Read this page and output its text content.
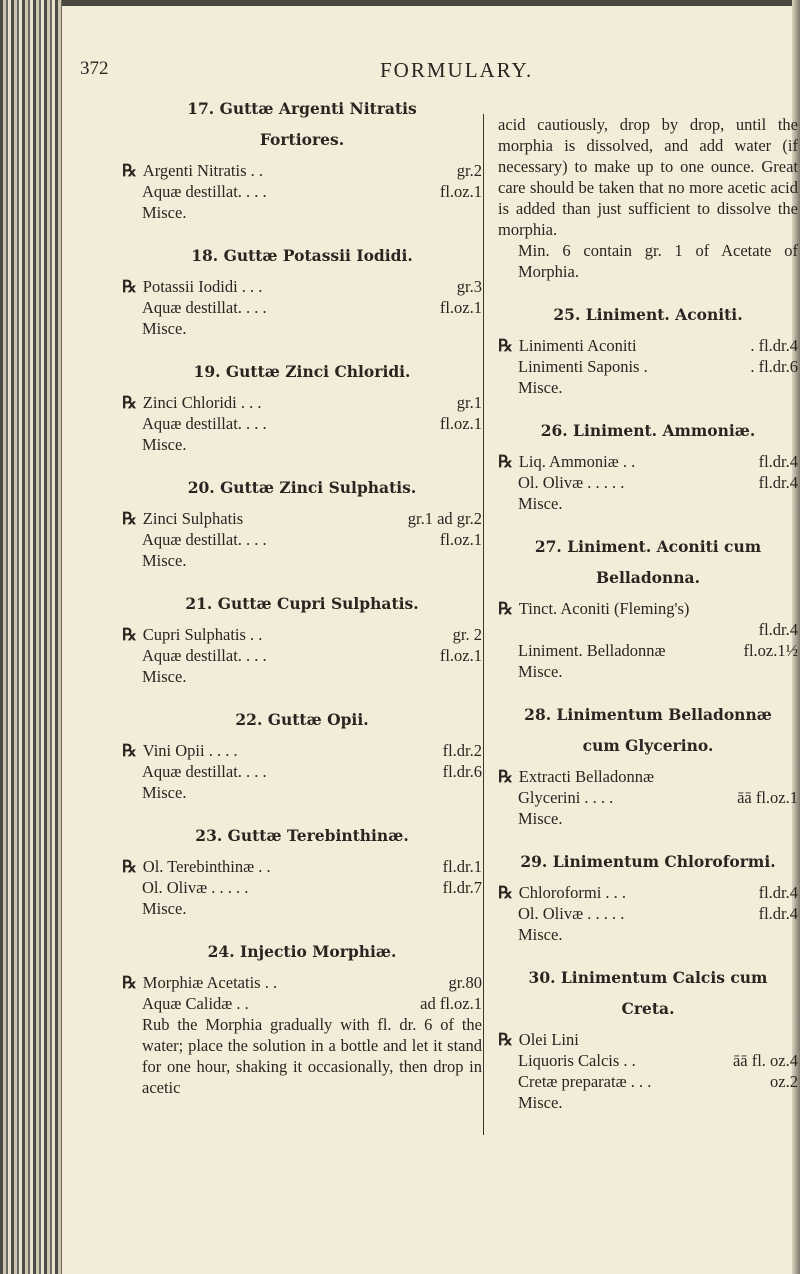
372	FORMULARY.
17. Guttæ Argenti Nitratis
Fortiores.
℞ Argenti Nitratis . .	gr.2
Aquæ destillat. . . .	fl.oz.1
Misce.
18. Guttæ Potassii Iodidi.
℞ Potassii Iodidi . . .	gr.3
Aquæ destillat. . . .	fl.oz.1
Misce.
19. Guttæ Zinci Chloridi.
℞ Zinci Chloridi . . .	gr.1
Aquæ destillat. . . .	fl.oz.1
Misce.
20. Guttæ Zinci Sulphatis.
℞ Zinci Sulphatis	gr.1 ad gr.2
Aquæ destillat. . . .	fl.oz.1
Misce.
21. Guttæ Cupri Sulphatis.
℞ Cupri Sulphatis . .	gr. 2
Aquæ destillat. . . .	fl.oz.1
Misce.
22. Guttæ Opii.
℞ Vini Opii . . . .	fl.dr.2
Aquæ destillat. . . .	fl.dr.6
Misce.
23. Guttæ Terebinthinæ.
℞ Ol. Terebinthinæ . .	fl.dr.1
Ol. Olivæ . . . . .	fl.dr.7
Misce.
24. Injectio Morphiæ.
℞ Morphiæ Acetatis . .	gr.80
Aquæ Calidæ . .	ad fl.oz.1
Rub the Morphia gradually with fl. dr. 6 of the water; place the solution in a bottle and let it stand for one hour, shaking it occasionally, then drop in acetic
acid cautiously, drop by drop, until the morphia is dissolved, and add water (if necessary) to make up to one ounce. Great care should be taken that no more acetic acid is added than just sufficient to dissolve the morphia.
Min. 6 contain gr. 1 of Acetate of Morphia.
25. Liniment. Aconiti.
℞ Linimenti Aconiti	. fl.dr.4
Linimenti Saponis .	. fl.dr.6
Misce.
26. Liniment. Ammoniæ.
℞ Liq. Ammoniæ . .	fl.dr.4
Ol. Olivæ . . . . .	fl.dr.4
Misce.
27. Liniment. Aconiti cum
Belladonna.
℞ Tinct. Aconiti (Fleming's)
fl.dr.4
Liniment. Belladonnæ	fl.oz.1½
Misce.
28. Linimentum Belladonnæ
cum Glycerino.
℞ Extracti Belladonnæ
Glycerini . . . .	āā fl.oz.1
Misce.
29. Linimentum Chloroformi.
℞ Chloroformi . . .	fl.dr.4
Ol. Olivæ . . . . .	fl.dr.4
Misce.
30. Linimentum Calcis cum
Creta.
℞ Olei Lini
Liquoris Calcis . .	āā fl. oz.4
Cretæ preparatæ . . .	oz.2
Misce.
